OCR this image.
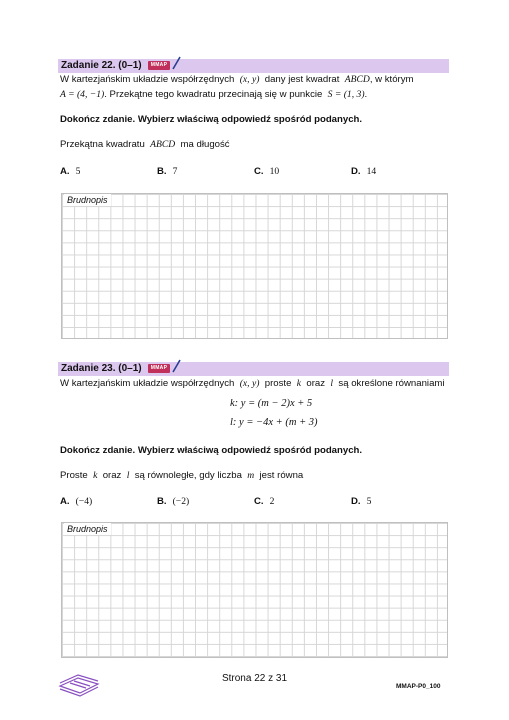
Zadanie 22. (0–1)	MMAP
W kartezjańskim układzie współrzędnych (x, y) dany jest kwadrat ABCD, w którym
A = (4, −1). Przekątne tego kwadratu przecinają się w punkcie S = (1, 3).
Dokończ zdanie. Wybierz właściwą odpowiedź spośród podanych.
Przekątna kwadratu ABCD ma długość
A. 5	B. 7	C. 10	D. 14
Brudnopis
Zadanie 23. (0–1)	MMAP
W kartezjańskim układzie współrzędnych (x, y) proste k oraz l są określone równaniami
k: y = (m − 2)x + 5
l: y = −4x + (m + 3)
Dokończ zdanie. Wybierz właściwą odpowiedź spośród podanych.
Proste k oraz l są równoległe, gdy liczba m jest równa
A. (−4)	B. (−2)	C. 2	D. 5
Brudnopis
Strona 22 z 31
MMAP-P0_100
